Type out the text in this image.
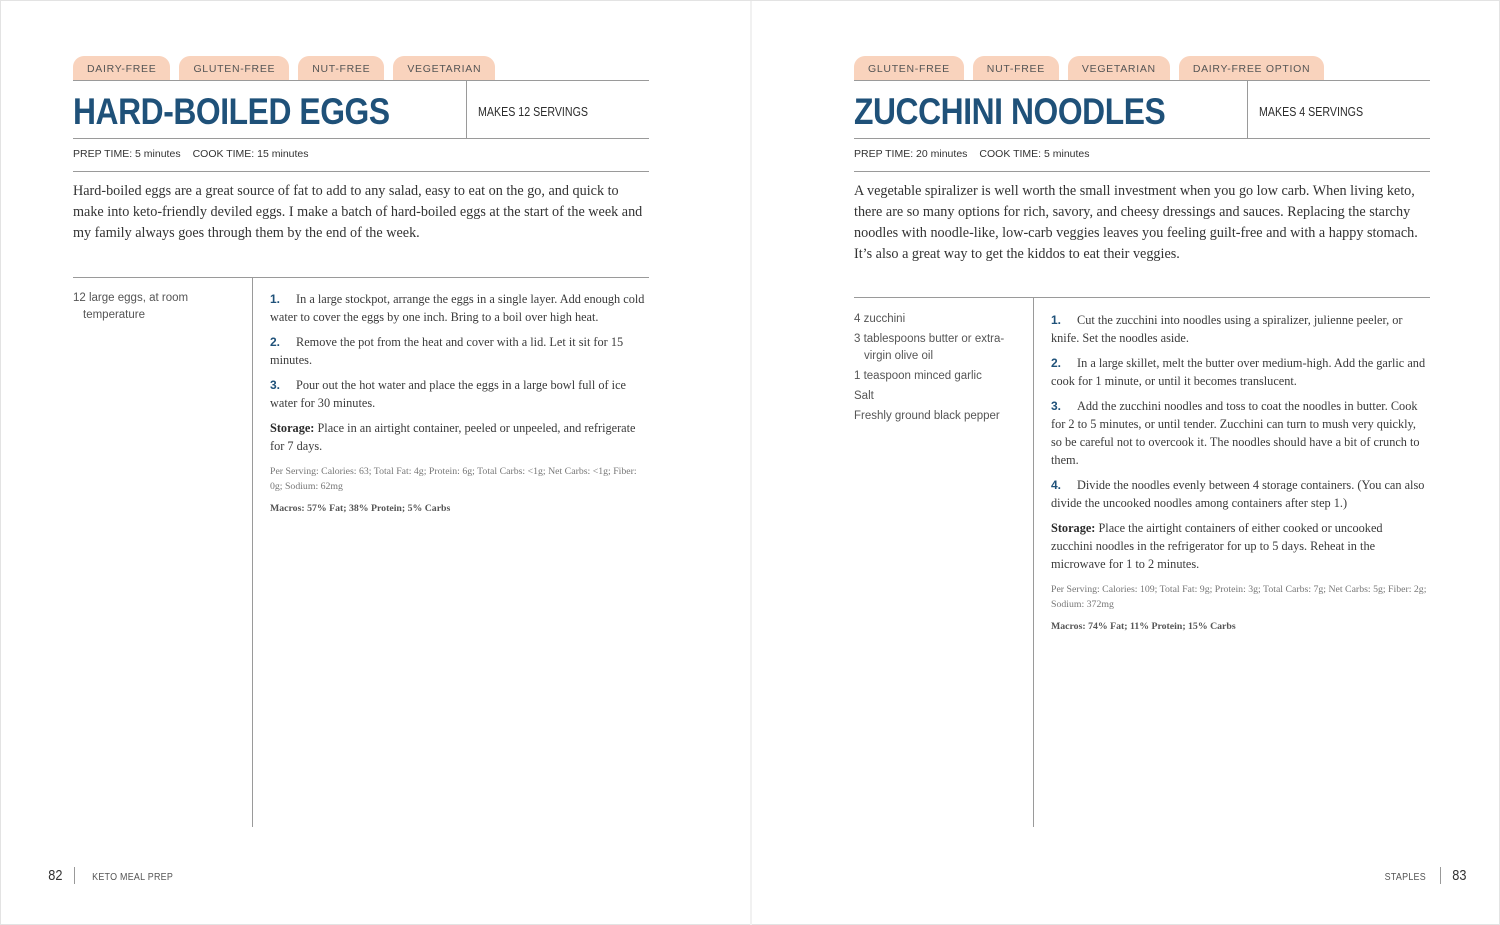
DAIRY-FREE	GLUTEN-FREE	NUT-FREE	VEGETARIAN
HARD-BOILED EGGS	MAKES 12 SERVINGS
PREP TIME: 5 minutes COOK TIME: 15 minutes

Hard-boiled eggs are a great source of fat to add to any salad, easy to eat on the go, and quick to make into keto-friendly deviled eggs. I make a batch of hard-boiled eggs at the start of the week and my family always goes through them by the end of the week.

12 large eggs, at room temperature
1. In a large stockpot, arrange the eggs in a single layer. Add enough cold water to cover the eggs by one inch. Bring to a boil over high heat.
2. Remove the pot from the heat and cover with a lid. Let it sit for 15 minutes.
3. Pour out the hot water and place the eggs in a large bowl full of ice water for 30 minutes.
Storage: Place in an airtight container, peeled or unpeeled, and refrigerate for 7 days.
Per Serving: Calories: 63; Total Fat: 4g; Protein: 6g; Total Carbs: <1g; Net Carbs: <1g; Fiber: 0g; Sodium: 62mg
Macros: 57% Fat; 38% Protein; 5% Carbs
82	KETO MEAL PREP
GLUTEN-FREE	NUT-FREE	VEGETARIAN	DAIRY-FREE OPTION
ZUCCHINI NOODLES	MAKES 4 SERVINGS
PREP TIME: 20 minutes COOK TIME: 5 minutes

A vegetable spiralizer is well worth the small investment when you go low carb. When living keto, there are so many options for rich, savory, and cheesy dressings and sauces. Replacing the starchy noodles with noodle-like, low-carb veggies leaves you feeling guilt-free and with a happy stomach. It’s also a great way to get the kiddos to eat their veggies.

4 zucchini
3 tablespoons butter or extra-virgin olive oil
1 teaspoon minced garlic
Salt
Freshly ground black pepper
1. Cut the zucchini into noodles using a spiralizer, julienne peeler, or knife. Set the noodles aside.
2. In a large skillet, melt the butter over medium-high. Add the garlic and cook for 1 minute, or until it becomes translucent.
3. Add the zucchini noodles and toss to coat the noodles in butter. Cook for 2 to 5 minutes, or until tender. Zucchini can turn to mush very quickly, so be careful not to overcook it. The noodles should have a bit of crunch to them.
4. Divide the noodles evenly between 4 storage containers. (You can also divide the uncooked noodles among containers after step 1.)
Storage: Place the airtight containers of either cooked or uncooked zucchini noodles in the refrigerator for up to 5 days. Reheat in the microwave for 1 to 2 minutes.
Per Serving: Calories: 109; Total Fat: 9g; Protein: 3g; Total Carbs: 7g; Net Carbs: 5g; Fiber: 2g; Sodium: 372mg
Macros: 74% Fat; 11% Protein; 15% Carbs
STAPLES 83
